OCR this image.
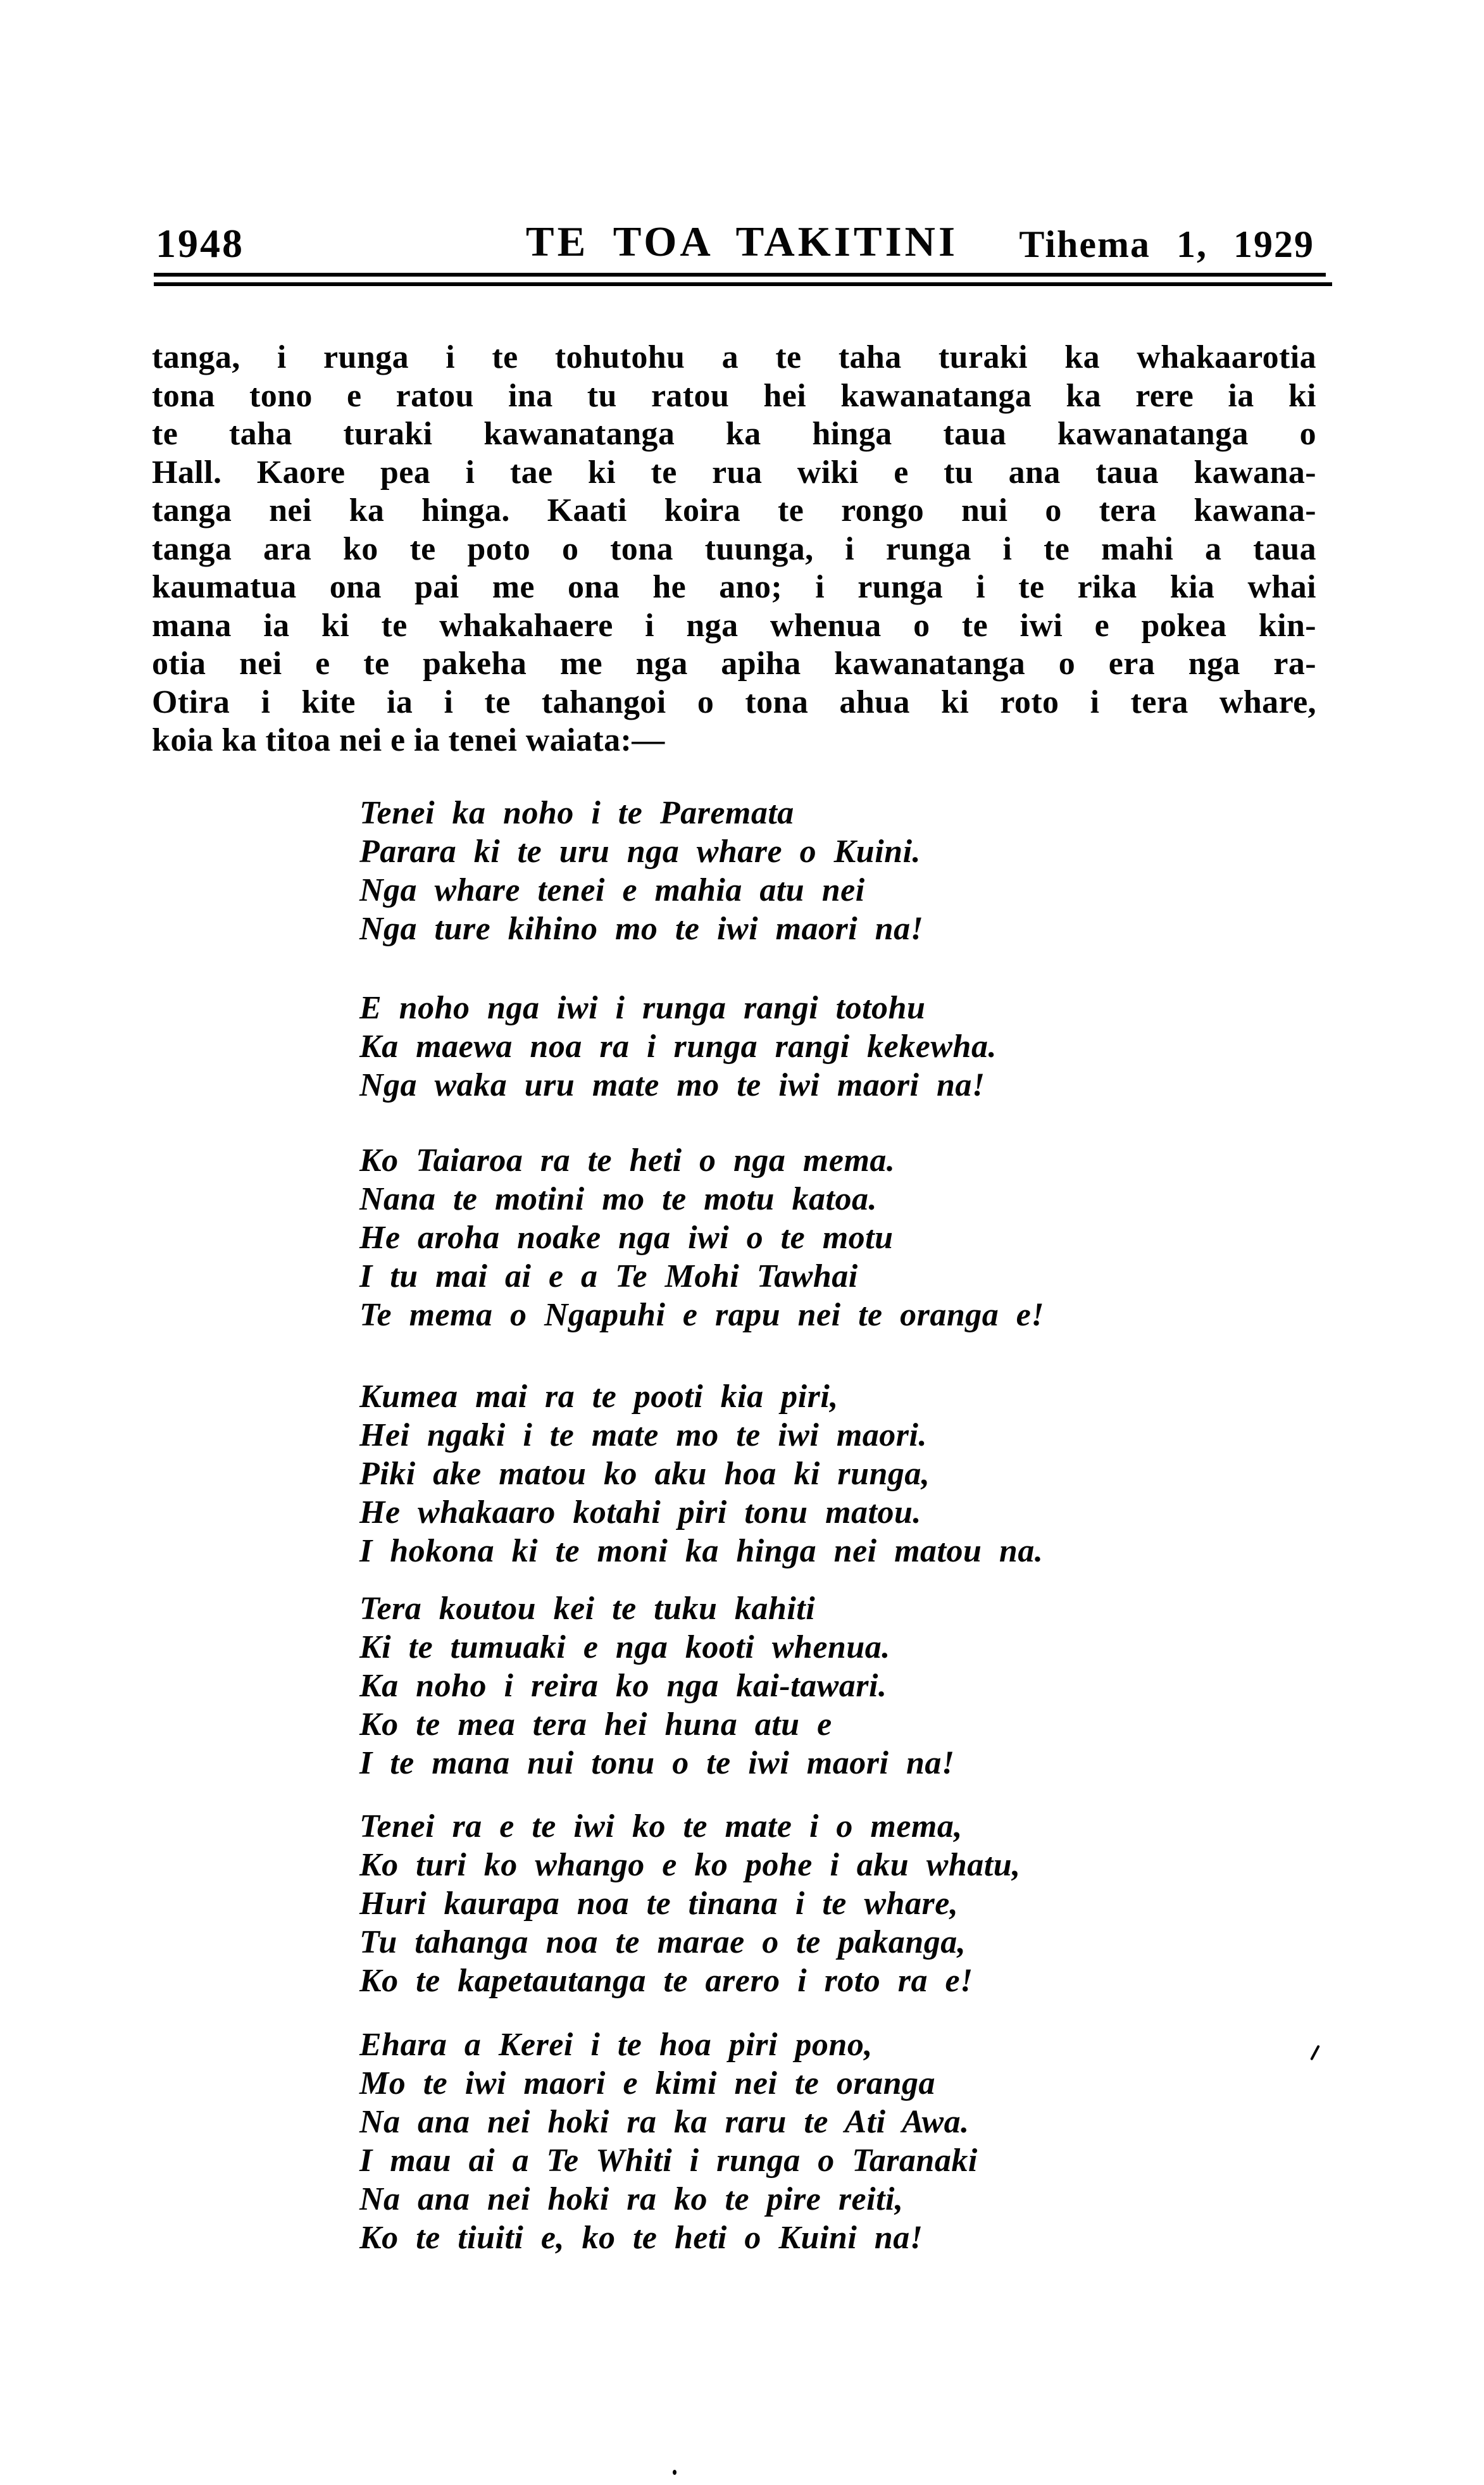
1948	TE TOA TAKITINI	Tihema 1, 1929
tanga, i runga i te tohutohu a te taha turaki ka whakaarotia
tona tono e ratou ina tu ratou hei kawanatanga ka rere ia ki
te taha turaki kawanatanga ka hinga taua kawanatanga o
Hall. Kaore pea i tae ki te rua wiki e tu ana taua kawana-
tanga nei ka hinga. Kaati koira te rongo nui o tera kawana-
tanga ara ko te poto o tona tuunga, i runga i te mahi a taua
kaumatua ona pai me ona he ano; i runga i te rika kia whai
mana ia ki te whakahaere i nga whenua o te iwi e pokea kin-
otia nei e te pakeha me nga apiha kawanatanga o era nga ra-
Otira i kite ia i te tahangoi o tona ahua ki roto i tera whare,
koia ka titoa nei e ia tenei waiata:—
Tenei ka noho i te Paremata
Parara ki te uru nga whare o Kuini.
Nga whare tenei e mahia atu nei
Nga ture kihino mo te iwi maori na!
E noho nga iwi i runga rangi totohu
Ka maewa noa ra i runga rangi kekewha.
Nga waka uru mate mo te iwi maori na!
Ko Taiaroa ra te heti o nga mema.
Nana te motini mo te motu katoa.
He aroha noake nga iwi o te motu
I tu mai ai e a Te Mohi Tawhai
Te mema o Ngapuhi e rapu nei te oranga e!
Kumea mai ra te pooti kia piri,
Hei ngaki i te mate mo te iwi maori.
Piki ake matou ko aku hoa ki runga,
He whakaaro kotahi piri tonu matou.
I hokona ki te moni ka hinga nei matou na.
Tera koutou kei te tuku kahiti
Ki te tumuaki e nga kooti whenua.
Ka noho i reira ko nga kai-tawari.
Ko te mea tera hei huna atu e
I te mana nui tonu o te iwi maori na!
Tenei ra e te iwi ko te mate i o mema,
Ko turi ko whango e ko pohe i aku whatu,
Huri kaurapa noa te tinana i te whare,
Tu tahanga noa te marae o te pakanga,
Ko te kapetautanga te arero i roto ra e!
Ehara a Kerei i te hoa piri pono,
Mo te iwi maori e kimi nei te oranga
Na ana nei hoki ra ka raru te Ati Awa.
I mau ai a Te Whiti i runga o Taranaki
Na ana nei hoki ra ko te pire reiti,
Ko te tiuiti e, ko te heti o Kuini na!
